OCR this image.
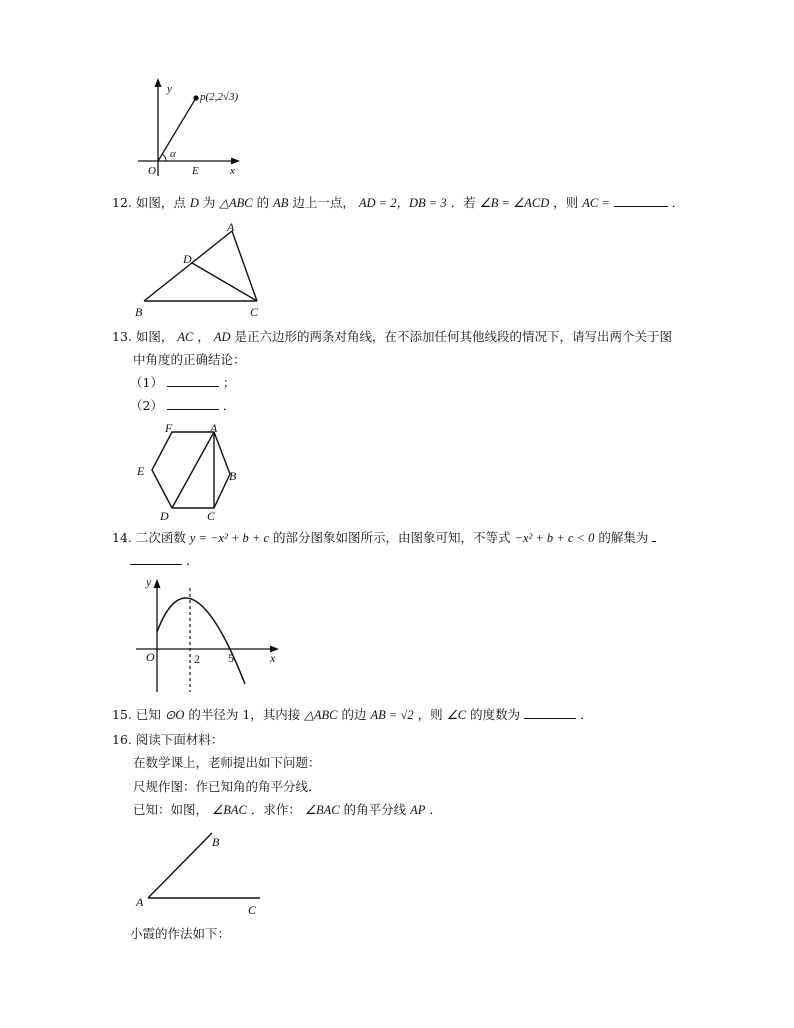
p(2,2√3)
y
O
α
E	x
12. 如图，点 D 为 △ABC 的 AB 边上一点， AD = 2，DB = 3 ．若 ∠B = ∠ACD ，则 AC =	．
A
B	C
D
13. 如图， AC ， AD 是正六边形的两条对角线，在不添加任何其他线段的情况下，请写出两个关于图
中角度的正确结论：
（1）	；
（2）	．
A
B
C
D
E
F
14. 二次函数 y = −x² + b + c 的部分图象如图所示，由图象可知，不等式 −x² + b + c < 0 的解集为
．
y
O	2 5	x
15. 已知 ⊙O 的半径为 1，其内接 △ABC 的边 AB = √2 ，则 ∠C 的度数为	．
16. 阅读下面材料：
在数学课上，老师提出如下问题：
尺规作图：作已知角的角平分线．
已知：如图， ∠BAC ．求作： ∠BAC 的角平分线 AP ．
A
B
C
小霞的作法如下：
